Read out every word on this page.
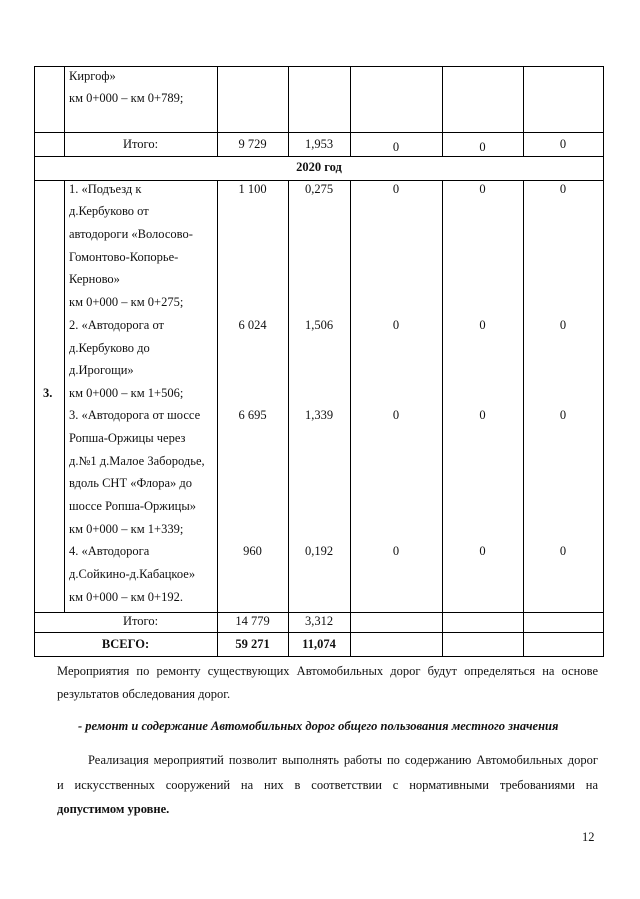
Киргоф»
км 0+000 – км 0+789;
Итого:	9 729	1,953	0	0	0
2020 год
3.
1. «Подъезд к
д.Кербуково от
автодороги «Волосово-
Гомонтово-Копорье-
Керново»
км 0+000 – км 0+275;
1 100	0,275	0	0	0
2. «Автодорога от
д.Кербуково до
д.Ирогощи»
км 0+000 – км 1+506;
6 024	1,506	0	0	0
3. «Автодорога от шоссе
Ропша-Оржицы через
д.№1 д.Малое Забородье,
вдоль СНТ «Флора» до
шоссе Ропша-Оржицы»
км 0+000 – км 1+339;
6 695	1,339	0	0	0
4. «Автодорога
д.Сойкино-д.Кабацкое»
км 0+000 – км 0+192.
960	0,192	0	0	0
Итого:	14 779	3,312
ВСЕГО:	59 271	11,074
Мероприятия по ремонту существующих Автомобильных дорог будут определяться на основе
результатов обследования дорог.
- ремонт и содержание Автомобильных дорог общего пользования местного значения
Реализация мероприятий позволит выполнять работы по содержанию Автомобильных дорог
и искусственных сооружений на них в соответствии с нормативными требованиями на
допустимом уровне.
12
